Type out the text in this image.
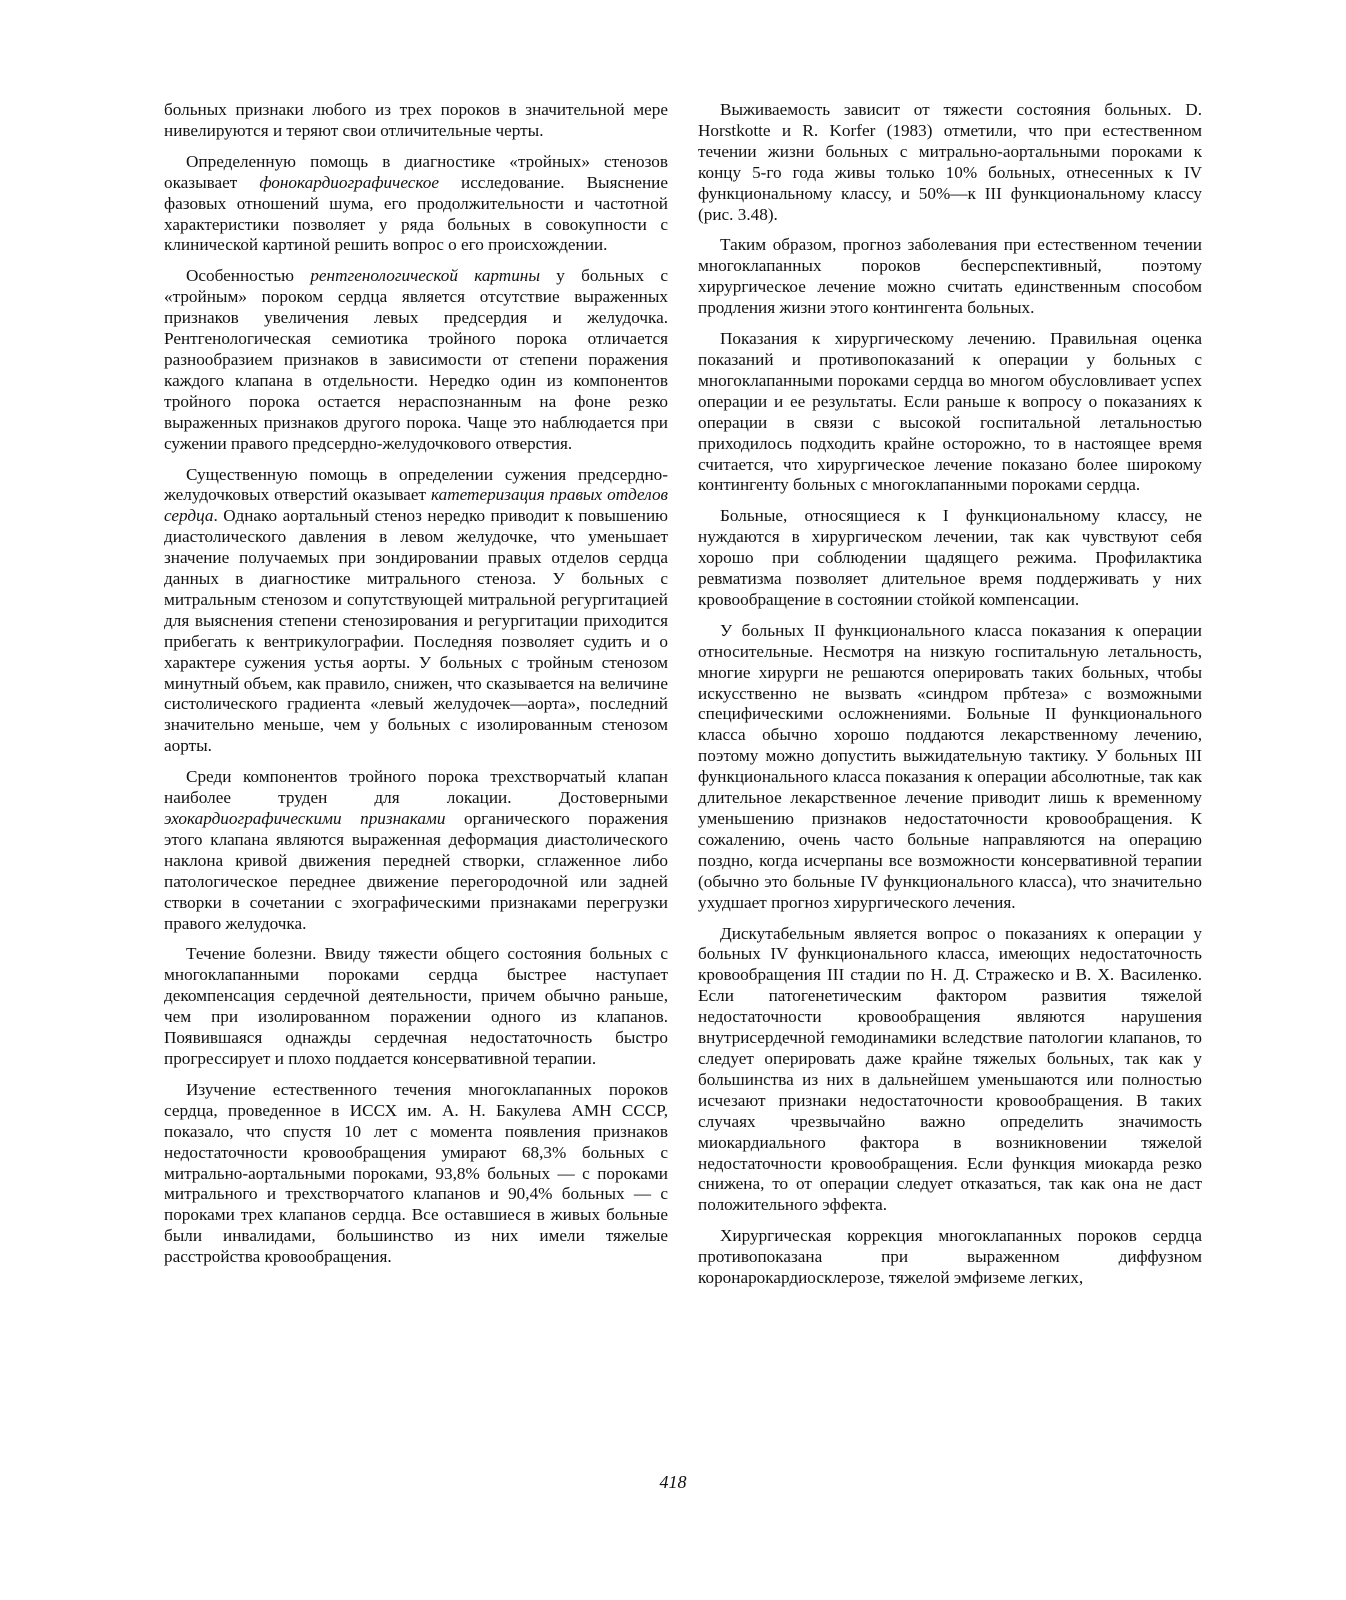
больных признаки любого из трех пороков в значительной мере нивелируются и теряют свои отличительные черты.

Определенную помощь в диагностике «тройных» стенозов оказывает фонокардиографическое исследование. Выяснение фазовых отношений шума, его продолжительности и частотной характеристики позволяет у ряда больных в совокупности с клинической картиной решить вопрос о его происхождении.

Особенностью рентгенологической картины у больных с «тройным» пороком сердца является отсутствие выраженных признаков увеличения левых предсердия и желудочка. Рентгенологическая семиотика тройного порока отличается разнообразием признаков в зависимости от степени поражения каждого клапана в отдельности. Нередко один из компонентов тройного порока остается нераспознанным на фоне резко выраженных признаков другого порока. Чаще это наблюдается при сужении правого предсердно-желудочкового отверстия.

Существенную помощь в определении сужения предсердно-желудочковых отверстий оказывает катетеризация правых отделов сердца. Однако аортальный стеноз нередко приводит к повышению диастолического давления в левом желудочке, что уменьшает значение получаемых при зондировании правых отделов сердца данных в диагностике митрального стеноза. У больных с митральным стенозом и сопутствующей митральной регургитацией для выяснения степени стенозирования и регургитации приходится прибегать к вентрикулографии. Последняя позволяет судить и о характере сужения устья аорты. У больных с тройным стенозом минутный объем, как правило, снижен, что сказывается на величине систолического градиента «левый желудочек—аорта», последний значительно меньше, чем у больных с изолированным стенозом аорты.

Среди компонентов тройного порока трехстворчатый клапан наиболее труден для локации. Достоверными эхокардиографическими признаками органического поражения этого клапана являются выраженная деформация диастолического наклона кривой движения передней створки, сглаженное либо патологическое переднее движение перегородочной или задней створки в сочетании с эхографическими признаками перегрузки правого желудочка.

Течение болезни. Ввиду тяжести общего состояния больных с многоклапанными пороками сердца быстрее наступает декомпенсация сердечной деятельности, причем обычно раньше, чем при изолированном поражении одного из клапанов. Появившаяся однажды сердечная недостаточность быстро прогрессирует и плохо поддается консервативной терапии.

Изучение естественного течения многоклапанных пороков сердца, проведенное в ИССХ им. А. Н. Бакулева АМН СССР, показало, что спустя 10 лет с момента появления признаков недостаточности кровообращения умирают 68,3% больных с митрально-аортальными пороками, 93,8% больных — с пороками митрального и трехстворчатого клапанов и 90,4% больных — с пороками трех клапанов сердца. Все оставшиеся в живых больные были инвалидами, большинство из них имели тяжелые расстройства кровообращения.

Выживаемость зависит от тяжести состояния больных. D. Horstkotte и R. Korfer (1983) отметили, что при естественном течении жизни больных с митрально-аортальными пороками к концу 5-го года живы только 10% больных, отнесенных к IV функциональному классу, и 50%—к III функциональному классу (рис. 3.48).

Таким образом, прогноз заболевания при естественном течении многоклапанных пороков бесперспективный, поэтому хирургическое лечение можно считать единственным способом продления жизни этого контингента больных.

Показания к хирургическому лечению. Правильная оценка показаний и противопоказаний к операции у больных с многоклапанными пороками сердца во многом обусловливает успех операции и ее результаты. Если раньше к вопросу о показаниях к операции в связи с высокой госпитальной летальностью приходилось подходить крайне осторожно, то в настоящее время считается, что хирургическое лечение показано более широкому контингенту больных с многоклапанными пороками сердца.

Больные, относящиеся к I функциональному классу, не нуждаются в хирургическом лечении, так как чувствуют себя хорошо при соблюдении щадящего режима. Профилактика ревматизма позволяет длительное время поддерживать у них кровообращение в состоянии стойкой компенсации.

У больных II функционального класса показания к операции относительные. Несмотря на низкую госпитальную летальность, многие хирурги не решаются оперировать таких больных, чтобы искусственно не вызвать «синдром прбтеза» с возможными специфическими осложнениями. Больные II функционального класса обычно хорошо поддаются лекарственному лечению, поэтому можно допустить выжидательную тактику. У больных III функционального класса показания к операции абсолютные, так как длительное лекарственное лечение приводит лишь к временному уменьшению признаков недостаточности кровообращения. К сожалению, очень часто больные направляются на операцию поздно, когда исчерпаны все возможности консервативной терапии (обычно это больные IV функционального класса), что значительно ухудшает прогноз хирургического лечения.

Дискутабельным является вопрос о показаниях к операции у больных IV функционального класса, имеющих недостаточность кровообращения III стадии по Н. Д. Стражеско и В. X. Василенко. Если патогенетическим фактором развития тяжелой недостаточности кровообращения являются нарушения внутрисердечной гемодинамики вследствие патологии клапанов, то следует оперировать даже крайне тяжелых больных, так как у большинства из них в дальнейшем уменьшаются или полностью исчезают признаки недостаточности кровообращения. В таких случаях чрезвычайно важно определить значимость миокардиального фактора в возникновении тяжелой недостаточности кровообращения. Если функция миокарда резко снижена, то от операции следует отказаться, так как она не даст положительного эффекта.

Хирургическая коррекция многоклапанных пороков сердца противопоказана при выраженном диффузном коронарокардиосклерозе, тяжелой эмфиземе легких,

418
